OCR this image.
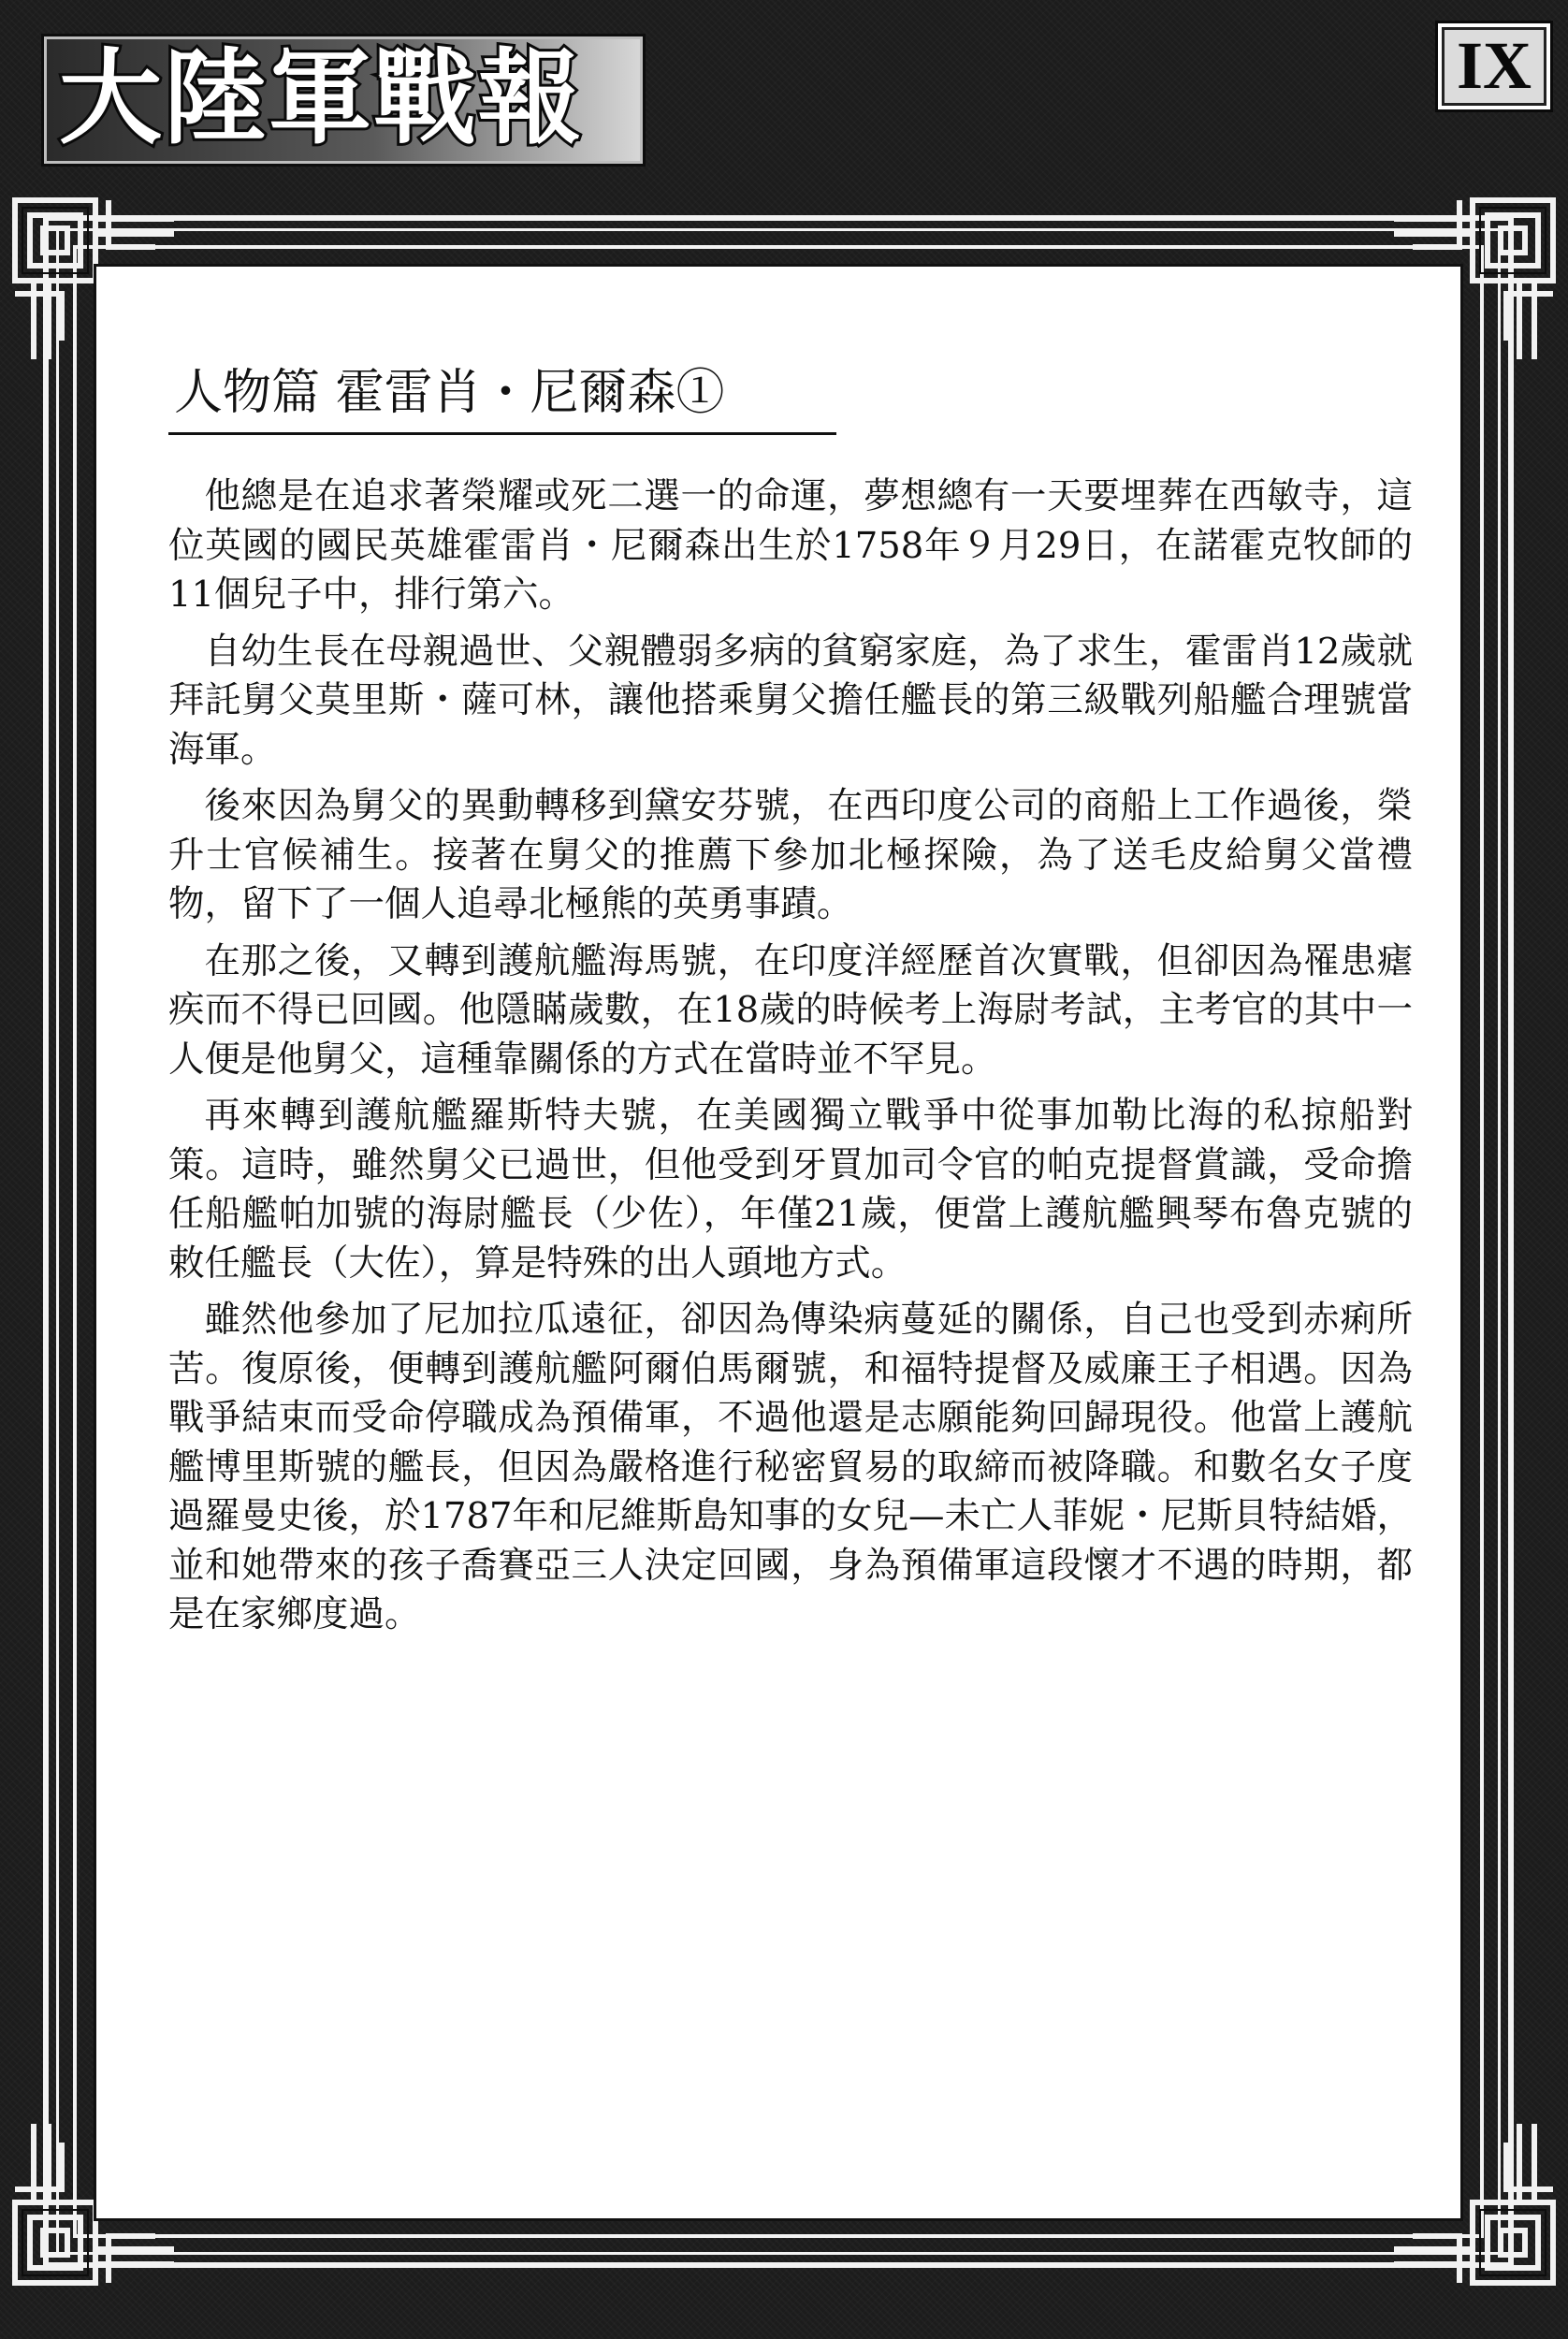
大陸軍戰報	IX
人物篇 霍雷肖・尼爾森①

他總是在追求著榮耀或死二選一的命運，夢想總有一天要埋葬在西敏寺，這位英國的國民英雄霍雷肖・尼爾森出生於1758年９月29日，在諾霍克牧師的11個兒子中，排行第六。

自幼生長在母親過世、父親體弱多病的貧窮家庭，為了求生，霍雷肖12歲就拜託舅父莫里斯・薩可林，讓他搭乘舅父擔任艦長的第三級戰列船艦合理號當海軍。

後來因為舅父的異動轉移到黛安芬號，在西印度公司的商船上工作過後，榮升士官候補生。接著在舅父的推薦下參加北極探險，為了送毛皮給舅父當禮物，留下了一個人追尋北極熊的英勇事蹟。

在那之後，又轉到護航艦海馬號，在印度洋經歷首次實戰，但卻因為罹患瘧疾而不得已回國。他隱瞞歲數，在18歲的時候考上海尉考試，主考官的其中一人便是他舅父，這種靠關係的方式在當時並不罕見。

再來轉到護航艦羅斯特夫號，在美國獨立戰爭中從事加勒比海的私掠船對策。這時，雖然舅父已過世，但他受到牙買加司令官的帕克提督賞識，受命擔任船艦帕加號的海尉艦長（少佐），年僅21歲，便當上護航艦興琴布魯克號的敕任艦長（大佐），算是特殊的出人頭地方式。

雖然他參加了尼加拉瓜遠征，卻因為傳染病蔓延的關係，自己也受到赤痢所苦。復原後，便轉到護航艦阿爾伯馬爾號，和福特提督及威廉王子相遇。因為戰爭結束而受命停職成為預備軍，不過他還是志願能夠回歸現役。他當上護航艦博里斯號的艦長，但因為嚴格進行秘密貿易的取締而被降職。和數名女子度過羅曼史後，於1787年和尼維斯島知事的女兒—未亡人菲妮・尼斯貝特結婚，並和她帶來的孩子喬賽亞三人決定回國，身為預備軍這段懷才不遇的時期，都是在家鄉度過。
